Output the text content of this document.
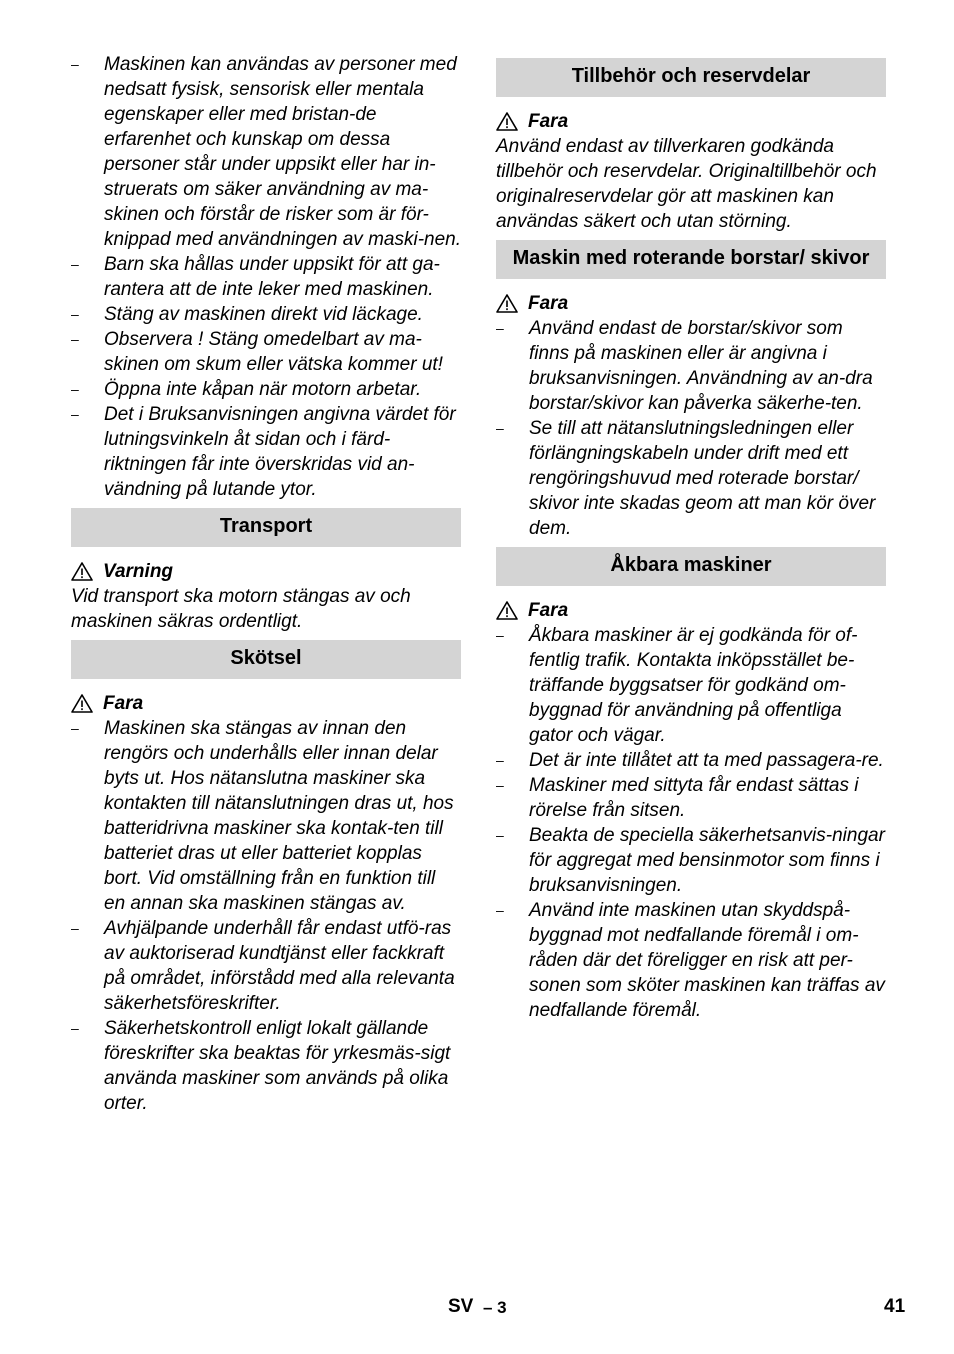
– Maskinen kan användas av personer med nedsatt fysisk, sensorisk eller mentala egenskaper eller med bristan-de erfarenhet och kunskap om dessa personer står under uppsikt eller har in-struerats om säker användning av ma-skinen och förstår de risker som är för-knippad med användningen av maski-nen.
– Barn ska hållas under uppsikt för att ga-rantera att de inte leker med maskinen.
– Stäng av maskinen direkt vid läckage.
– Observera ! Stäng omedelbart av ma-skinen om skum eller vätska kommer ut!
– Öppna inte kåpan när motorn arbetar.
– Det i Bruksanvisningen angivna värdet för lutningsvinkeln åt sidan och i färd-riktningen får inte överskridas vid an-vändning på lutande ytor.
Transport
Varning
Vid transport ska motorn stängas av och maskinen säkras ordentligt.
Skötsel
Fara
– Maskinen ska stängas av innan den rengörs och underhålls eller innan delar byts ut. Hos nätanslutna maskiner ska kontakten till nätanslutningen dras ut, hos batteridrivna maskiner ska kontak-ten till batteriet dras ut eller batteriet kopplas bort. Vid omställning från en funktion till en annan ska maskinen stängas av.
– Avhjälpande underhåll får endast utfö-ras av auktoriserad kundtjänst eller fackkraft på området, införstådd med alla relevanta säkerhetsföreskrifter.
– Säkerhetskontroll enligt lokalt gällande föreskrifter ska beaktas för yrkesmäs-sigt använda maskiner som används på olika orter.
Tillbehör och reservdelar
Fara
Använd endast av tillverkaren godkända tillbehör och reservdelar. Originaltillbehör och originalreservdelar gör att maskinen kan användas säkert och utan störning.
Maskin med roterande borstar/ skivor
Fara
– Använd endast de borstar/skivor som finns på maskinen eller är angivna i bruksanvisningen. Användning av an-dra borstar/skivor kan påverka säkerhe-ten.
– Se till att nätanslutningsledningen eller förlängningskabeln under drift med ett rengöringshuvud med roterade borstar/ skivor inte skadas geom att man kör över dem.
Åkbara maskiner
Fara
– Åkbara maskiner är ej godkända för of-fentlig trafik. Kontakta inköpsstället be-träffande byggsatser för godkänd om-byggnad för användning på offentliga gator och vägar.
– Det är inte tillåtet att ta med passagera-re.
– Maskiner med sittyta får endast sättas i rörelse från sitsen.
– Beakta de speciella säkerhetsanvis-ningar för aggregat med bensinmotor som finns i bruksanvisningen.
– Använd inte maskinen utan skyddspå-byggnad mot nedfallande föremål i om-råden där det föreligger en risk att per-sonen som sköter maskinen kan träffas av nedfallande föremål.
SV – 3	41
